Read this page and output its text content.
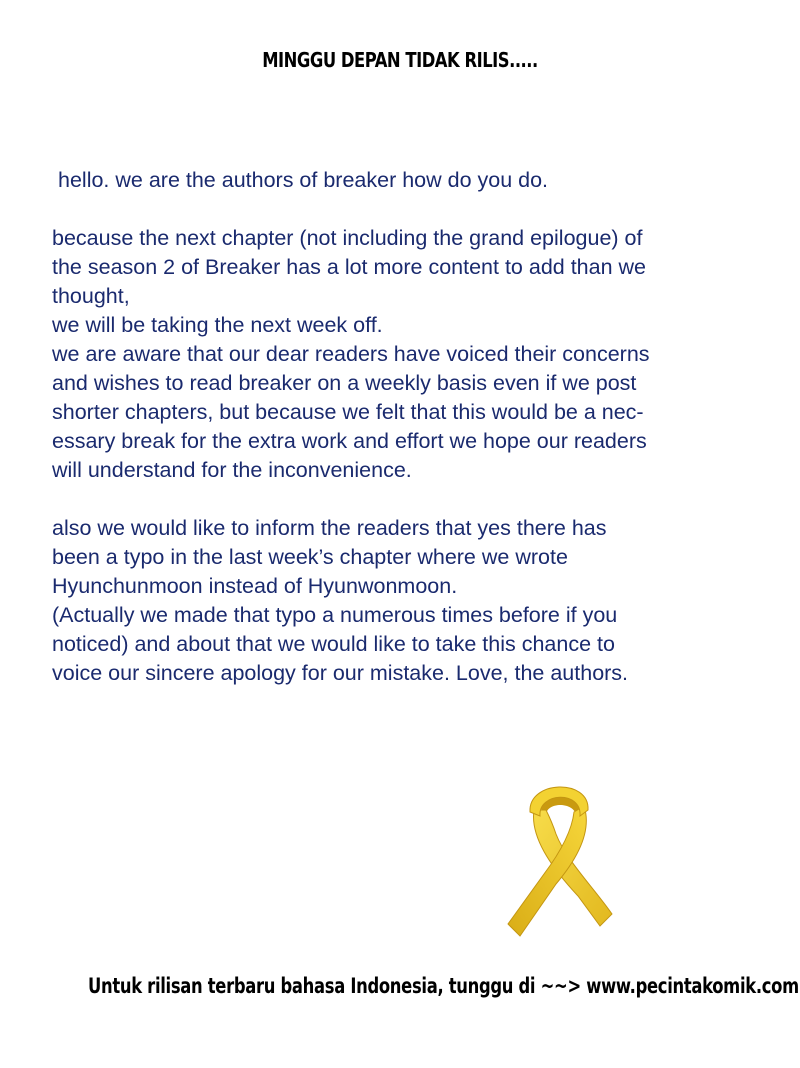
MINGGU DEPAN TIDAK RILIS.....
hello. we are the authors of breaker how do you do.
because the next chapter (not including the grand epilogue) of
the season 2 of Breaker has a lot more content to add than we
thought,
we will be taking the next week off.
we are aware that our dear readers have voiced their concerns
and wishes to read breaker on a weekly basis even if we post
shorter chapters, but because we felt that this would be a nec-
essary break for the extra work and effort we hope our readers
will understand for the inconvenience.
also we would like to inform the readers that yes there has
been a typo in the last week’s chapter where we wrote
Hyunchunmoon instead of Hyunwonmoon.
(Actually we made that typo a numerous times before if you
noticed) and about that we would like to take this chance to
voice our sincere apology for our mistake. Love, the authors.
Untuk rilisan terbaru bahasa Indonesia, tunggu di ~~> www.pecintakomik.com
